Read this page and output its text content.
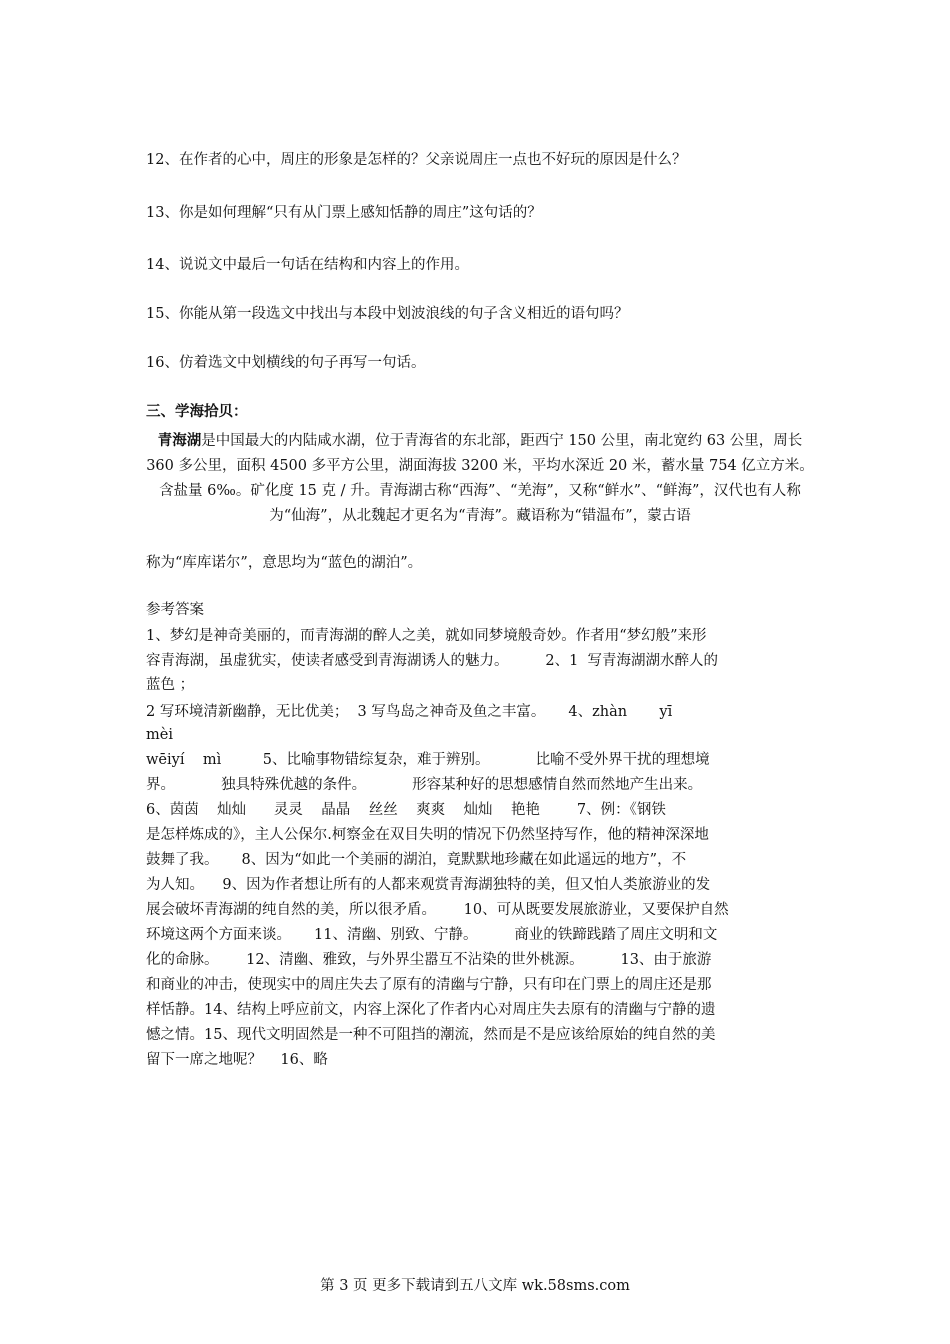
12、在作者的心中，周庄的形象是怎样的？父亲说周庄一点也不好玩的原因是什么？
13、你是如何理解“只有从门票上感知恬静的周庄”这句话的？
14、说说文中最后一句话在结构和内容上的作用。
15、你能从第一段选文中找出与本段中划波浪线的句子含义相近的语句吗？
16、仿着选文中划横线的句子再写一句话。
三、学海拾贝：
青海湖是中国最大的内陆咸水湖，位于青海省的东北部，距西宁 150 公里，南北宽约 63 公里，周长 360 多公里，面积 4500 多平方公里，湖面海拔 3200 米，平均水深近 20 米，蓄水量 754 亿立方米。含盐量 6‰。矿化度 15 克 / 升。青海湖古称“西海”、“羌海”，又称“鲜水”、“鲜海”，汉代也有人称为“仙海”，从北魏起才更名为“青海”。藏语称为“错温布”，蒙古语
称为“库库诺尔”，意思均为“蓝色的湖泊”。
参考答案
1、梦幻是神奇美丽的，而青海湖的醉人之美，就如同梦境般奇妙。作者用“梦幻般”来形
容青海湖，虽虚犹实，使读者感受到青海湖诱人的魅力。        2、1  写青海湖湖水醉人的
蓝色 ；
2 写环境清新幽静，无比优美；  3 写鸟岛之神奇及鱼之丰富。     4、zhàn       yī
mèi
wēiyí    mì         5、比喻事物错综复杂，难于辨别。          比喻不受外界干扰的理想境
界。          独具特殊优越的条件。          形容某种好的思想感情自然而然地产生出来。
6、茵茵    灿灿      灵灵    晶晶    丝丝    爽爽    灿灿    艳艳        7、例：《钢铁
是怎样炼成的》，主人公保尔.柯察金在双目失明的情况下仍然坚持写作，他的精神深深地
鼓舞了我。     8、因为“如此一个美丽的湖泊，竟默默地珍藏在如此遥远的地方”，不
为人知。    9、因为作者想让所有的人都来观赏青海湖独特的美，但又怕人类旅游业的发
展会破坏青海湖的纯自然的美，所以很矛盾。      10、可从既要发展旅游业，又要保护自然
环境这两个方面来谈。     11、清幽、别致、宁静。        商业的铁蹄践踏了周庄文明和文
化的命脉。      12、清幽、雅致，与外界尘嚣互不沾染的世外桃源。        13、由于旅游
和商业的冲击，使现实中的周庄失去了原有的清幽与宁静，只有印在门票上的周庄还是那
样恬静。14、结构上呼应前文，内容上深化了作者内心对周庄失去原有的清幽与宁静的遗
憾之情。15、现代文明固然是一种不可阻挡的潮流，然而是不是应该给原始的纯自然的美
留下一席之地呢？    16、略
第 3 页 更多下载请到五八文库 wk.58sms.com
